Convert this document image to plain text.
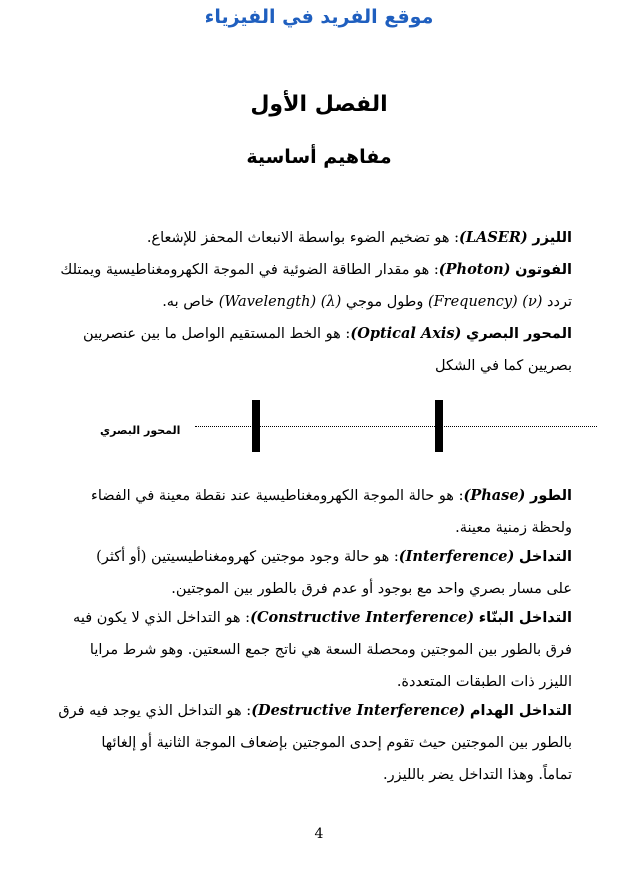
موقع الفريد في الفيزياء
الفصل الأول
مفاهيم أساسية
الليزر (LASER): هو تضخيم الضوء بواسطة الانبعاث المحفز للإشعاع.
الفوتون (Photon): هو مقدار الطاقة الضوئية في الموجة الكهرومغناطيسية ويمتلك
تردد (Frequency) (ν) وطول موجي (Wavelength) (λ) خاص به.
المحور البصري (Optical Axis): هو الخط المستقيم الواصل ما بين عنصريين
بصريين كما في الشكل
المحور البصري
الطور (Phase): هو حالة الموجة الكهرومغناطيسية عند نقطة معينة في الفضاء
ولحظة زمنية معينة.
التداخل (Interference): هو حالة وجود موجتين كهرومغناطيسيتين (أو أكثر)
على مسار بصري واحد مع بوجود أو عدم فرق بالطور بين الموجتين.
التداخل البنّاء (Constructive Interference): هو التداخل الذي لا يكون فيه
فرق بالطور بين الموجتين ومحصلة السعة هي ناتج جمع السعتين. وهو شرط مرايا
الليزر ذات الطبقات المتعددة.
التداخل الهدام (Destructive Interference): هو التداخل الذي يوجد فيه فرق
بالطور بين الموجتين حيث تقوم إحدى الموجتين بإضعاف الموجة الثانية أو إلغائها
تماماً. وهذا التداخل يضر بالليزر.
4
